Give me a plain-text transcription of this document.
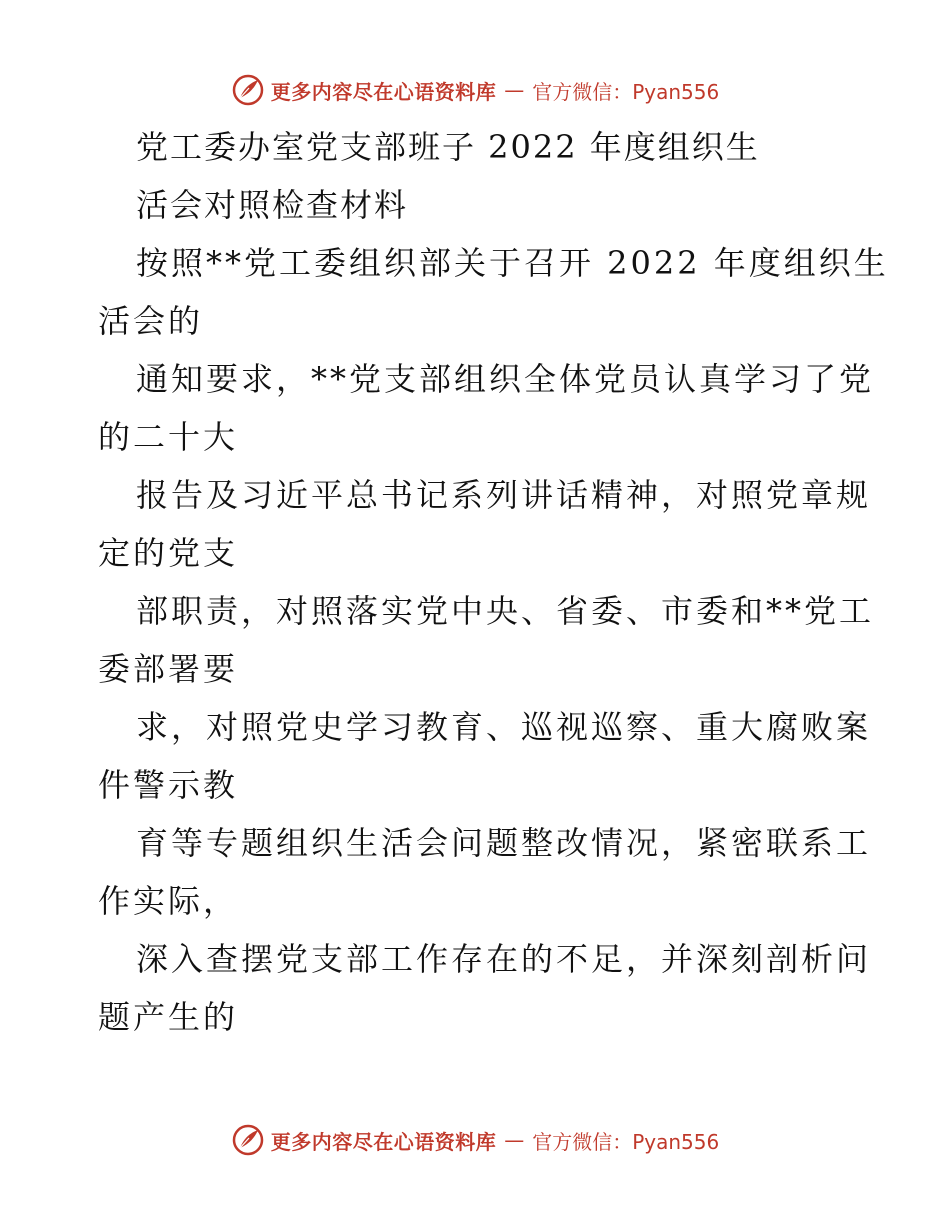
更多内容尽在心语资料库 — 官方微信：Pyan556
党工委办室党支部班子 2022 年度组织生
活会对照检查材料
按照**党工委组织部关于召开 2022 年度组织生
活会的
通知要求，**党支部组织全体党员认真学习了党
的二十大
报告及习近平总书记系列讲话精神，对照党章规
定的党支
部职责，对照落实党中央、省委、市委和**党工
委部署要
求，对照党史学习教育、巡视巡察、重大腐败案
件警示教
育等专题组织生活会问题整改情况，紧密联系工
作实际，
深入查摆党支部工作存在的不足，并深刻剖析问
题产生的
更多内容尽在心语资料库 — 官方微信：Pyan556
